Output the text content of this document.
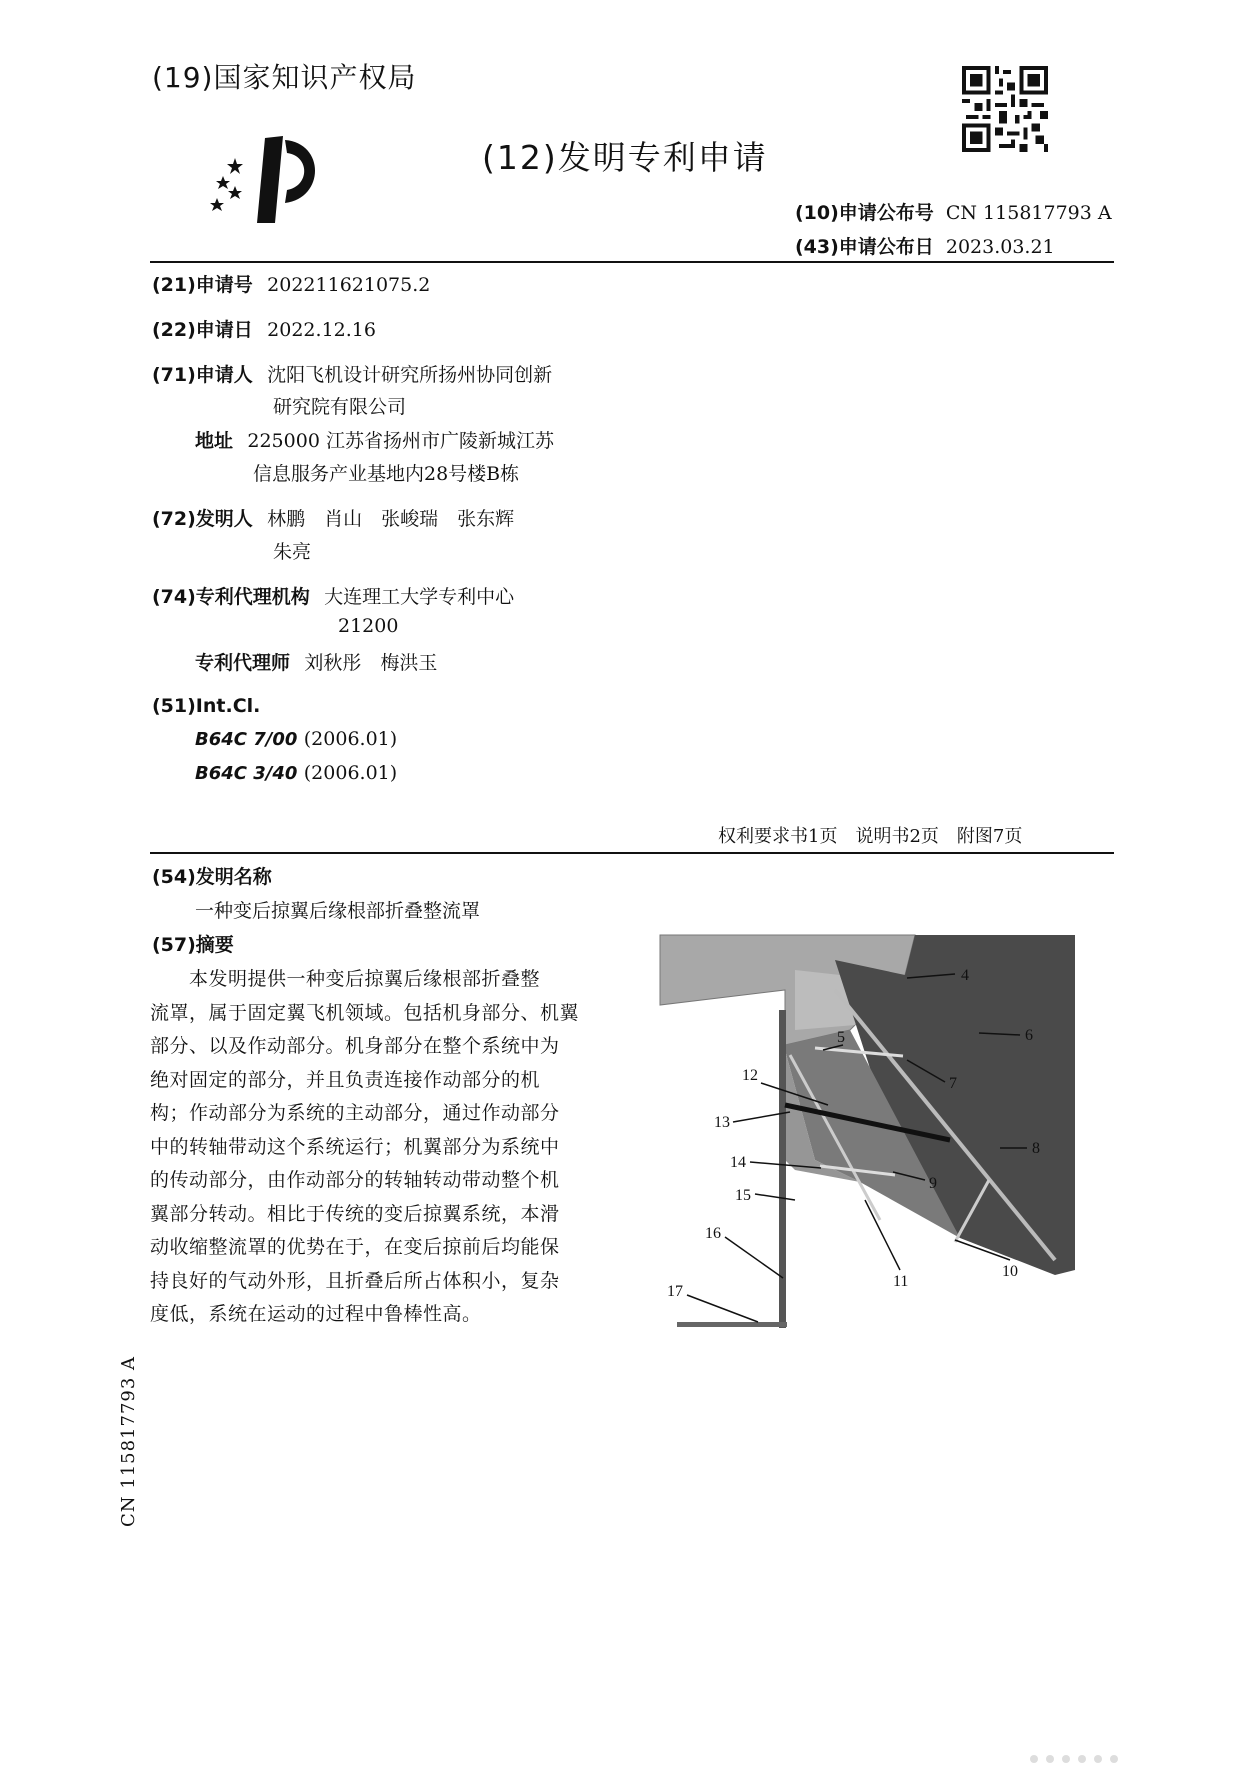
(19)国家知识产权局
(12)发明专利申请
(10)申请公布号 CN 115817793 A
(43)申请公布日 2023.03.21
(21)申请号 202211621075.2
(22)申请日 2022.12.16
(71)申请人 沈阳飞机设计研究所扬州协同创新
研究院有限公司
地址 225000 江苏省扬州市广陵新城江苏
信息服务产业基地内28号楼B栋
(72)发明人 林鹏　肖山　张峻瑞　张东辉
朱亮
(74)专利代理机构 大连理工大学专利中心
21200
专利代理师 刘秋彤　梅洪玉
(51)Int.Cl.
B64C 7/00 (2006.01)
B64C 3/40 (2006.01)
权利要求书1页　说明书2页　附图7页
(54)发明名称
一种变后掠翼后缘根部折叠整流罩
(57)摘要
　　本发明提供一种变后掠翼后缘根部折叠整
流罩，属于固定翼飞机领域。包括机身部分、机翼
部分、以及作动部分。机身部分在整个系统中为
绝对固定的部分，并且负责连接作动部分的机
构；作动部分为系统的主动部分，通过作动部分
中的转轴带动这个系统运行；机翼部分为系统中
的传动部分，由作动部分的转轴转动带动整个机
翼部分转动。相比于传统的变后掠翼系统，本滑
动收缩整流罩的优势在于，在变后掠前后均能保
持良好的气动外形，且折叠后所占体积小，复杂
度低，系统在运动的过程中鲁棒性高。
4
5	6
7
12
8
13
14
9
15
16
11
10
17
CN 115817793 A
